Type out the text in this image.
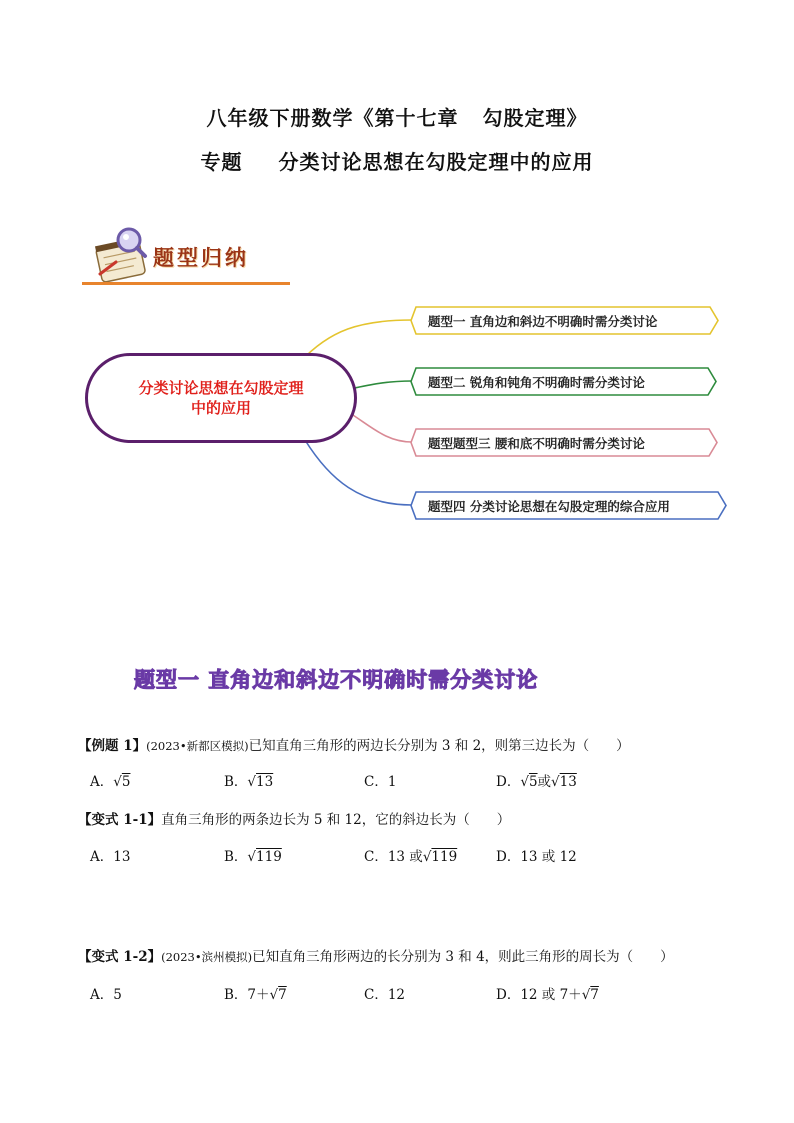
八年级下册数学《第十七章 勾股定理》
专题 分类讨论思想在勾股定理中的应用
题型归纳
分类讨论思想在勾股定理
中的应用
题型一 直角边和斜边不明确时需分类讨论
题型二 锐角和钝角不明确时需分类讨论
题型题型三 腰和底不明确时需分类讨论
题型四 分类讨论思想在勾股定理的综合应用
题型一 直角边和斜边不明确时需分类讨论
【例题 1】(2023•新都区模拟)已知直角三角形的两边长分别为 3 和 2，则第三边长为（　　）
A．√5	B．√13	C．1	D．√5或√13
【变式 1-1】直角三角形的两条边长为 5 和 12，它的斜边长为（　　）
A．13	B．√119	C．13 或√119	D．13 或 12
【变式 1-2】(2023•滨州模拟)已知直角三角形两边的长分别为 3 和 4，则此三角形的周长为（　　）
A．5	B．7＋√7	C．12	D．12 或 7＋√7
